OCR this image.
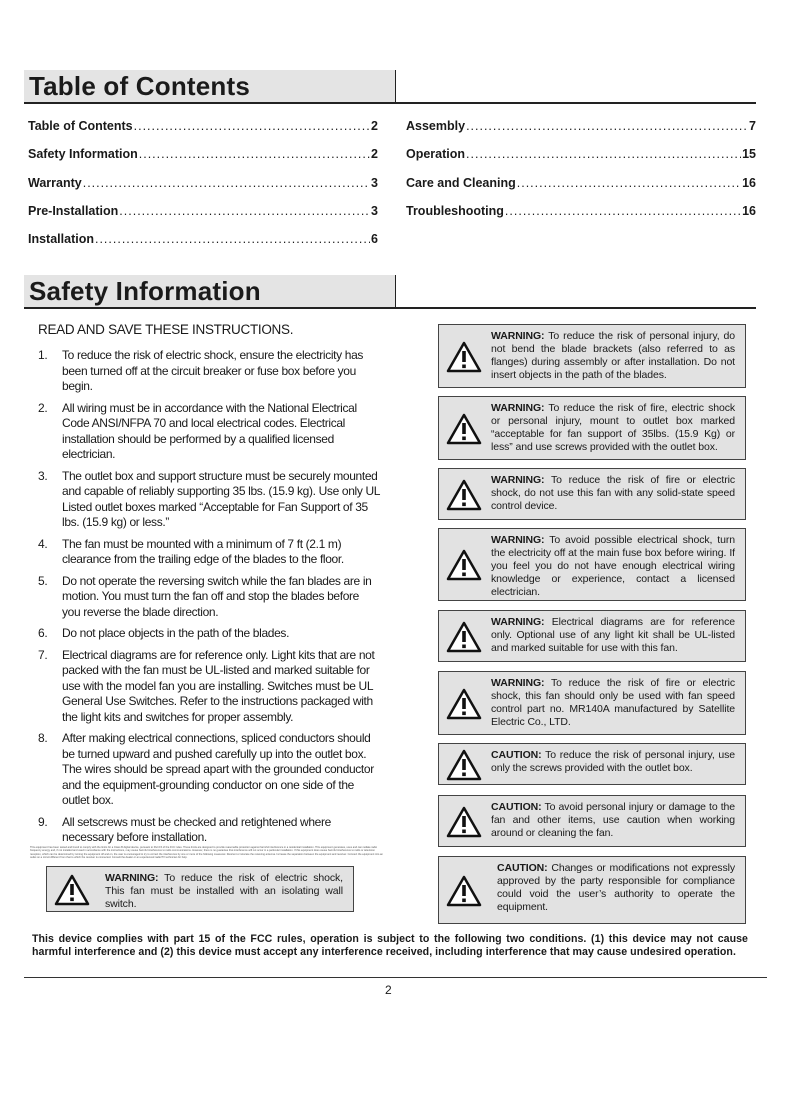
Table of Contents
Table of Contents .....	2
Safety Information .....	2
Warranty .....	3
Pre-Installation .....	3
Installation .....	6
Assembly .....	7
Operation .....	15
Care and Cleaning .....	16
Troubleshooting .....	16
Safety Information
READ AND SAVE THESE INSTRUCTIONS.
1.	To reduce the risk of electric shock, ensure the electricity has been turned off at the circuit breaker or fuse box before you begin.
2.	All wiring must be in accordance with the National Electrical Code ANSI/NFPA 70 and local electrical codes. Electrical installation should be performed by a qualified licensed electrician.
3.	The outlet box and support structure must be securely mounted and capable of reliably supporting 35 lbs. (15.9 kg). Use only UL Listed outlet boxes marked “Acceptable for Fan Support of 35 lbs. (15.9 kg) or less.”
4.	The fan must be mounted with a minimum of 7 ft (2.1 m) clearance from the trailing edge of the blades to the floor.
5.	Do not operate the reversing switch while the fan blades are in motion. You must turn the fan off and stop the blades before you reverse the blade direction.
6.	Do not place objects in the path of the blades.
7.	Electrical diagrams are for reference only. Light kits that are not packed with the fan must be UL-listed and marked suitable for use with the model fan you are installing. Switches must be UL General Use Switches. Refer to the instructions packaged with the light kits and switches for proper assembly.
8.	After making electrical connections, spliced conductors should be turned upward and pushed carefully up into the outlet box. The wires should be spread apart with the grounded conductor and the equipment-grounding conductor on one side of the outlet box.
9.	All setscrews must be checked and retightened where necessary before installation.
This equipment has been tested and found to comply with the limits for a Class B digital device, pursuant to Part 15 of the FCC rules. These limits are designed to provide reasonable protection against harmful interference in a residential installation. This equipment generates, uses and can radiate radio frequency energy and, if not installed and used in accordance with the instructions, may cause harmful interference to radio communications. However, there is no guarantee that interference will not occur in a particular installation. If this equipment does cause harmful interference to radio or television reception, which can be determined by turning the equipment off and on, the user is encouraged to try to correct the interference by one or more of the following measures: Reorient or relocate the receiving antenna. Increase the separation between the equipment and receiver. Connect the equipment into an outlet on a circuit different from that to which the receiver is connected. Consult the dealer or an experienced radio/TV technician for help.
WARNING: To reduce the risk of electric shock, This fan must be installed with an isolating wall switch.
WARNING: To reduce the risk of personal injury, do not bend the blade brackets (also referred to as flanges) during assembly or after installation. Do not insert objects in the path of the blades.
WARNING: To reduce the risk of fire, electric shock or personal injury, mount to outlet box marked “acceptable for fan support of 35lbs. (15.9 Kg) or less” and use screws provided with the outlet box.
WARNING: To reduce the risk of fire or electric shock, do not use this fan with any solid-state speed control device.
WARNING: To avoid possible electrical shock, turn the electricity off at the main fuse box before wiring. If you feel you do not have enough electrical wiring knowledge or experience, contact a licensed electrician.
WARNING: Electrical diagrams are for reference only. Optional use of any light kit shall be UL-listed and marked suitable for use with this fan.
WARNING: To reduce the risk of fire or electric shock, this fan should only be used with fan speed control part no. MR140A manufactured by Satellite Electric Co., LTD.
CAUTION: To reduce the risk of personal injury, use only the screws provided with the outlet box.
CAUTION: To avoid personal injury or damage to the fan and other items, use caution when working around or cleaning the fan.
CAUTION: Changes or modifications not expressly approved by the party responsible for compliance could void the user’s authority to operate the equipment.
This device complies with part 15 of the FCC rules, operation is subject to the following two conditions. (1) this device may not cause harmful interference and (2) this device must accept any interference received, including interference that may cause undesired operation.
2
